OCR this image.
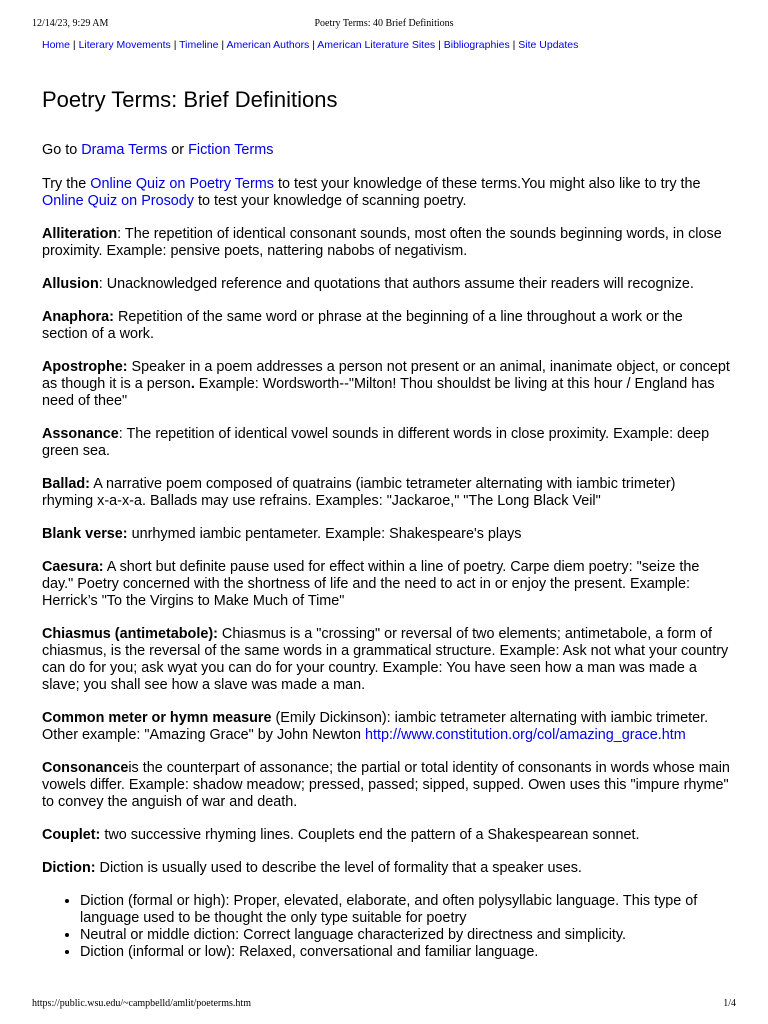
12/14/23, 9:29 AM	Poetry Terms: 40 Brief Definitions
Home | Literary Movements | Timeline | American Authors | American Literature Sites | Bibliographies | Site Updates
Poetry Terms: Brief Definitions

Go to Drama Terms or Fiction Terms

Try the Online Quiz on Poetry Terms to test your knowledge of these terms.You might also like to try the Online Quiz on Prosody to test your knowledge of scanning poetry.

Alliteration: The repetition of identical consonant sounds, most often the sounds beginning words, in close proximity. Example: pensive poets, nattering nabobs of negativism.

Allusion: Unacknowledged reference and quotations that authors assume their readers will recognize.

Anaphora: Repetition of the same word or phrase at the beginning of a line throughout a work or the section of a work.

Apostrophe: Speaker in a poem addresses a person not present or an animal, inanimate object, or concept as though it is a person. Example: Wordsworth--"Milton! Thou shouldst be living at this hour / England has need of thee"

Assonance: The repetition of identical vowel sounds in different words in close proximity. Example: deep green sea.

Ballad: A narrative poem composed of quatrains (iambic tetrameter alternating with iambic trimeter) rhyming x-a-x-a. Ballads may use refrains. Examples: "Jackaroe," "The Long Black Veil"

Blank verse: unrhymed iambic pentameter. Example: Shakespeare's plays

Caesura: A short but definite pause used for effect within a line of poetry. Carpe diem poetry: "seize the day." Poetry concerned with the shortness of life and the need to act in or enjoy the present. Example: Herrick’s "To the Virgins to Make Much of Time"

Chiasmus (antimetabole): Chiasmus is a "crossing" or reversal of two elements; antimetabole, a form of chiasmus, is the reversal of the same words in a grammatical structure. Example: Ask not what your country can do for you; ask wyat you can do for your country. Example: You have seen how a man was made a slave; you shall see how a slave was made a man.

Common meter or hymn measure (Emily Dickinson): iambic tetrameter alternating with iambic trimeter. Other example: "Amazing Grace" by John Newton http://www.constitution.org/col/amazing_grace.htm

Consonanceis the counterpart of assonance; the partial or total identity of consonants in words whose main vowels differ. Example: shadow meadow; pressed, passed; sipped, supped. Owen uses this "impure rhyme" to convey the anguish of war and death.

Couplet: two successive rhyming lines. Couplets end the pattern of a Shakespearean sonnet.

Diction: Diction is usually used to describe the level of formality that a speaker uses.

• Diction (formal or high): Proper, elevated, elaborate, and often polysyllabic language. This type of language used to be thought the only type suitable for poetry
• Neutral or middle diction: Correct language characterized by directness and simplicity.
• Diction (informal or low): Relaxed, conversational and familiar language.
https://public.wsu.edu/~campbelld/amlit/poeterms.htm	1/4
